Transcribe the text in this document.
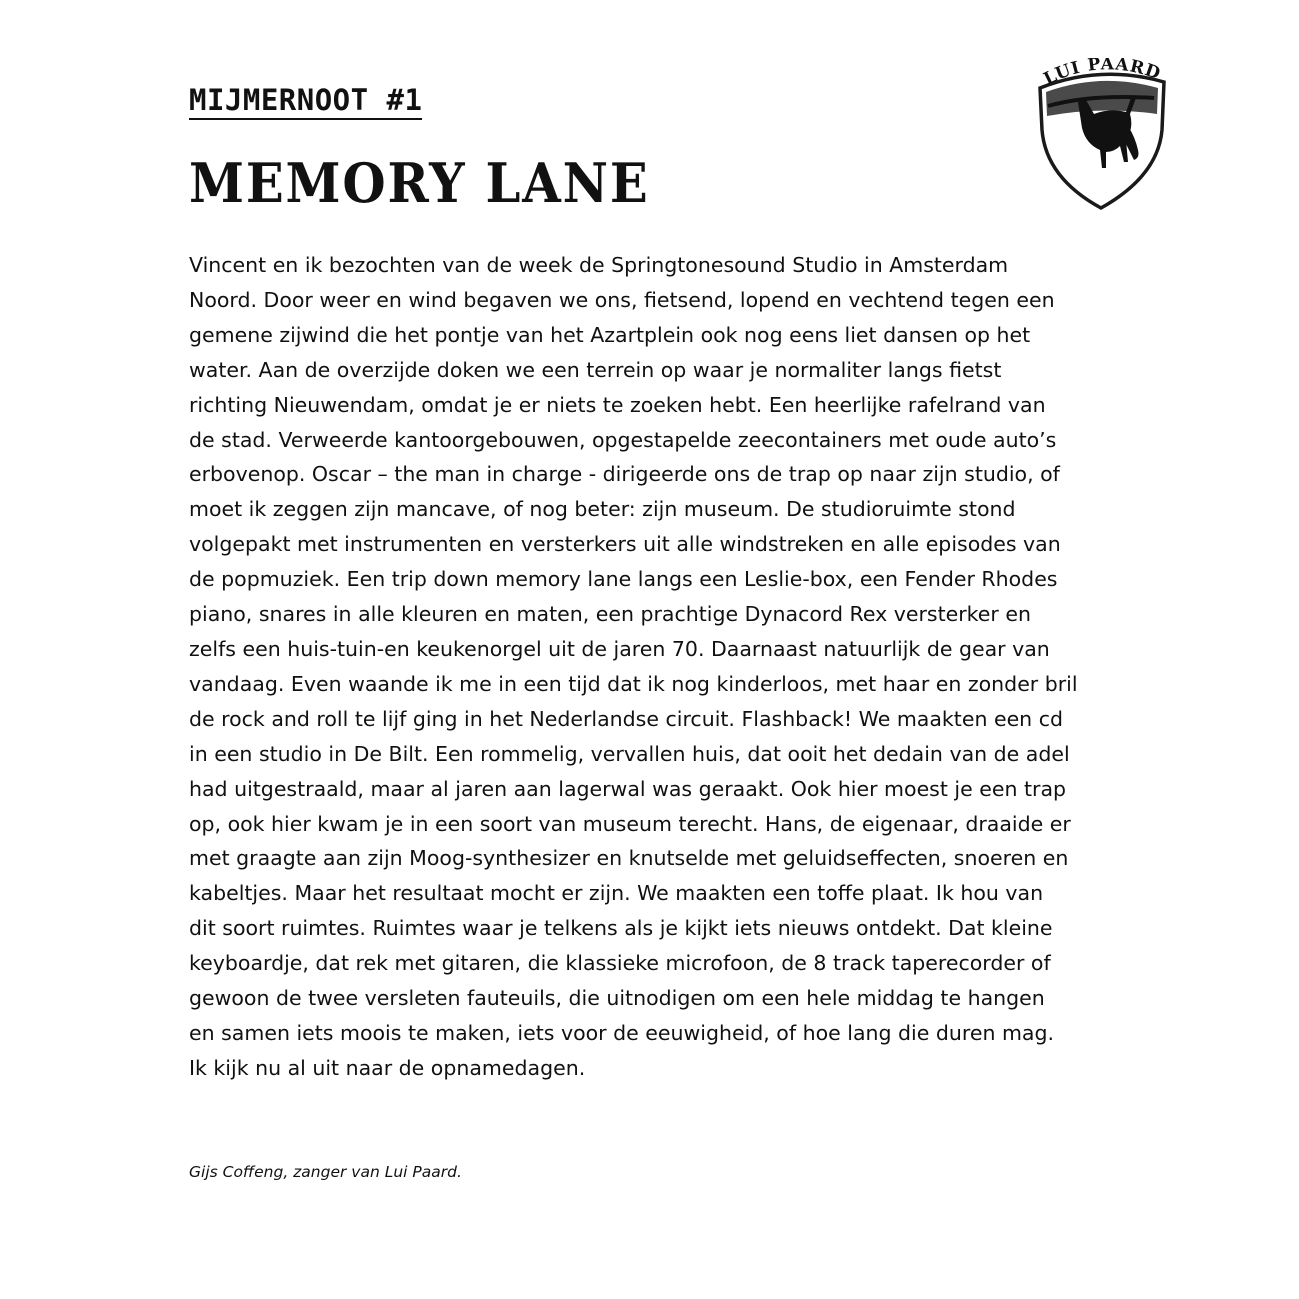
MIJMERNOOT #1
MEMORY LANE
LUI PAARD
Vincent en ik bezochten van de week de Springtonesound Studio in Amsterdam
Noord. Door weer en wind begaven we ons, fietsend, lopend en vechtend tegen een
gemene zijwind die het pontje van het Azartplein ook nog eens liet dansen op het
water. Aan de overzijde doken we een terrein op waar je normaliter langs fietst
richting Nieuwendam, omdat je er niets te zoeken hebt. Een heerlijke rafelrand van
de stad. Verweerde kantoorgebouwen, opgestapelde zeecontainers met oude auto’s
erbovenop. Oscar – the man in charge - dirigeerde ons de trap op naar zijn studio, of
moet ik zeggen zijn mancave, of nog beter: zijn museum. De studioruimte stond
volgepakt met instrumenten en versterkers uit alle windstreken en alle episodes van
de popmuziek. Een trip down memory lane langs een Leslie-box, een Fender Rhodes
piano, snares in alle kleuren en maten, een prachtige Dynacord Rex versterker en
zelfs een huis-tuin-en keukenorgel uit de jaren 70. Daarnaast natuurlijk de gear van
vandaag. Even waande ik me in een tijd dat ik nog kinderloos, met haar en zonder bril
de rock and roll te lijf ging in het Nederlandse circuit. Flashback! We maakten een cd
in een studio in De Bilt. Een rommelig, vervallen huis, dat ooit het dedain van de adel
had uitgestraald, maar al jaren aan lagerwal was geraakt. Ook hier moest je een trap
op, ook hier kwam je in een soort van museum terecht. Hans, de eigenaar, draaide er
met graagte aan zijn Moog-synthesizer en knutselde met geluidseffecten, snoeren en
kabeltjes. Maar het resultaat mocht er zijn. We maakten een toffe plaat. Ik hou van
dit soort ruimtes. Ruimtes waar je telkens als je kijkt iets nieuws ontdekt. Dat kleine
keyboardje, dat rek met gitaren, die klassieke microfoon, de 8 track taperecorder of
gewoon de twee versleten fauteuils, die uitnodigen om een hele middag te hangen
en samen iets moois te maken, iets voor de eeuwigheid, of hoe lang die duren mag.
Ik kijk nu al uit naar de opnamedagen.

Gijs Coffeng, zanger van Lui Paard.
